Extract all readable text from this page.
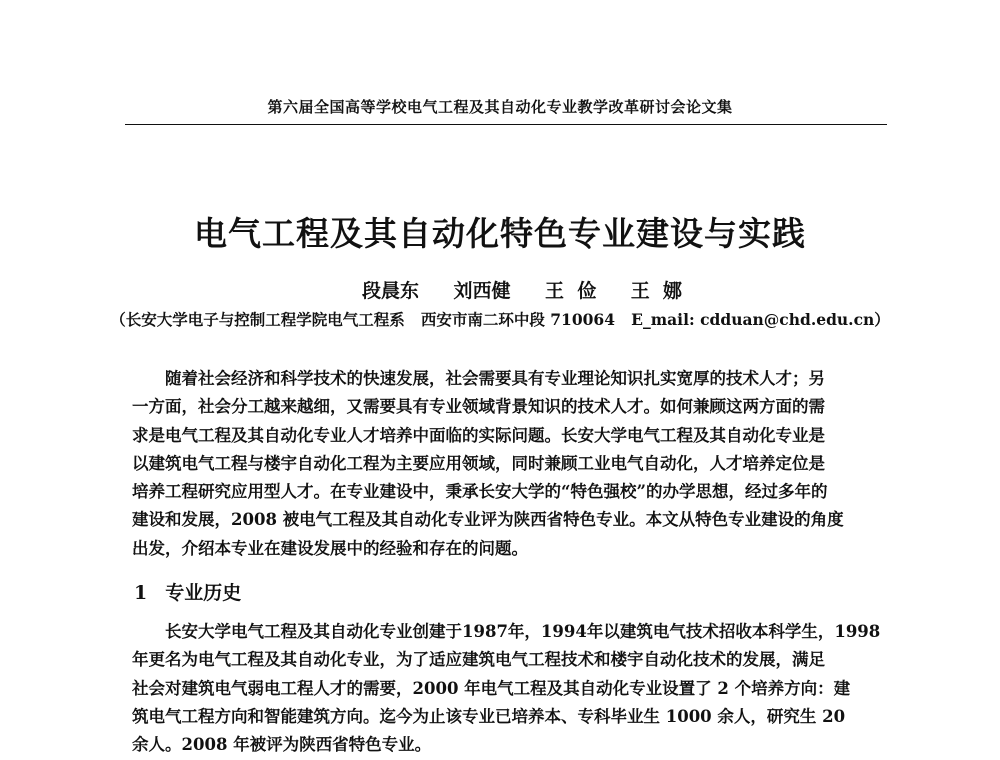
第六届全国高等学校电气工程及其自动化专业教学改革研讨会论文集
电气工程及其自动化特色专业建设与实践
段晨东 刘西健 王  俭 王  娜
（长安大学电子与控制工程学院电气工程系   西安市南二环中段 710064   E_mail: cdduan@chd.edu.cn）
随着社会经济和科学技术的快速发展，社会需要具有专业理论知识扎实宽厚的技术人才；另
一方面，社会分工越来越细，又需要具有专业领域背景知识的技术人才。如何兼顾这两方面的需
求是电气工程及其自动化专业人才培养中面临的实际问题。长安大学电气工程及其自动化专业是
以建筑电气工程与楼宇自动化工程为主要应用领域，同时兼顾工业电气自动化，人才培养定位是
培养工程研究应用型人才。在专业建设中，秉承长安大学的“特色强校”的办学思想，经过多年的
建设和发展，2008 被电气工程及其自动化专业评为陕西省特色专业。本文从特色专业建设的角度
出发，介绍本专业在建设发展中的经验和存在的问题。
1 专业历史
长安大学电气工程及其自动化专业创建于1987年，1994年以建筑电气技术招收本科学生，1998
年更名为电气工程及其自动化专业，为了适应建筑电气工程技术和楼宇自动化技术的发展，满足
社会对建筑电气弱电工程人才的需要，2000 年电气工程及其自动化专业设置了 2 个培养方向：建
筑电气工程方向和智能建筑方向。迄今为止该专业已培养本、专科毕业生 1000 余人，研究生 20
余人。2008 年被评为陕西省特色专业。
